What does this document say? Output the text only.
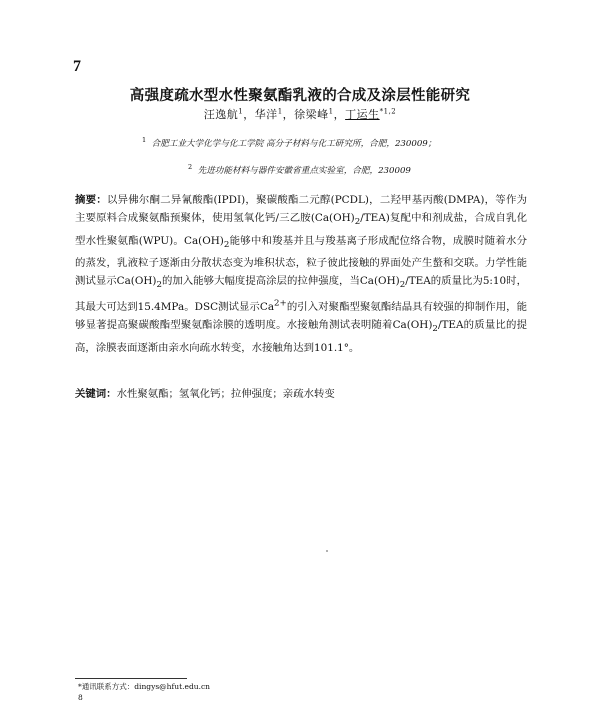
7
高强度疏水型水性聚氨酯乳液的合成及涂层性能研究
汪逸航$^1$，华洋$^1$，徐梁峰$^1$，丁运生$^{*1,2}$
$^1$ 合肥工业大学化学与化工学院 高分子材料与化工研究所，合肥，230009；
$^2$ 先进功能材料与器件安徽省重点实验室，合肥，230009
摘要：以异佛尔酮二异氰酸酯(IPDI)，聚碳酸酯二元醇(PCDL)，二羟甲基丙酸(DMPA)，等作为主要原料合成聚氨酯预聚体，使用氢氧化钙/三乙胺$(Ca(OH)_2/TEA)$复配中和剂成盐，合成自乳化型水性聚氨酯(WPU)。$Ca(OH)_2$能够中和羧基并且与羧基离子形成配位络合物，成膜时随着水分的蒸发，乳液粒子逐渐由分散状态变为堆积状态，粒子彼此接触的界面处产生螯和交联。力学性能测试显示$Ca(OH)_2$的加入能够大幅度提高涂层的拉伸强度，当$Ca(OH)_2$/TEA的质量比为5:10时，其最大可达到15.4MPa。DSC测试显示$Ca^{2+}$的引入对聚酯型聚氨酯结晶具有较强的抑制作用，能够显著提高聚碳酸酯型聚氨酯涂膜的透明度。水接触角测试表明随着$Ca(OH)_2$/TEA的质量比的提高，涂膜表面逐渐由亲水向疏水转变，水接触角达到101.1°。
关键词：水性聚氨酯；氢氧化钙；拉伸强度；亲疏水转变
*通讯联系方式：dingys@hfut.edu.cn
8
